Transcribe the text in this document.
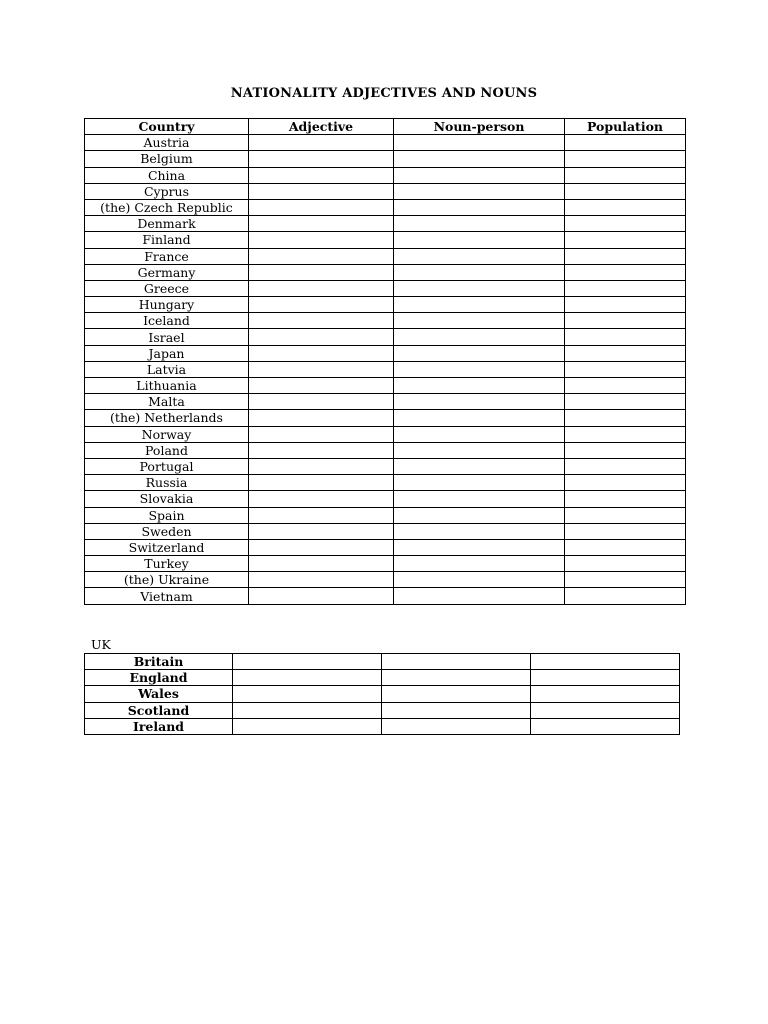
NATIONALITY ADJECTIVES AND NOUNS
Country	Adjective	Noun-person	Population
Austria			
Belgium			
China			
Cyprus			
(the) Czech Republic			
Denmark			
Finland			
France			
Germany			
Greece			
Hungary			
Iceland			
Israel			
Japan			
Latvia			
Lithuania			
Malta			
(the) Netherlands			
Norway			
Poland			
Portugal			
Russia			
Slovakia			
Spain			
Sweden			
Switzerland			
Turkey			
(the) Ukraine			
Vietnam			
UK
Britain			
England			
Wales			
Scotland			
Ireland			
